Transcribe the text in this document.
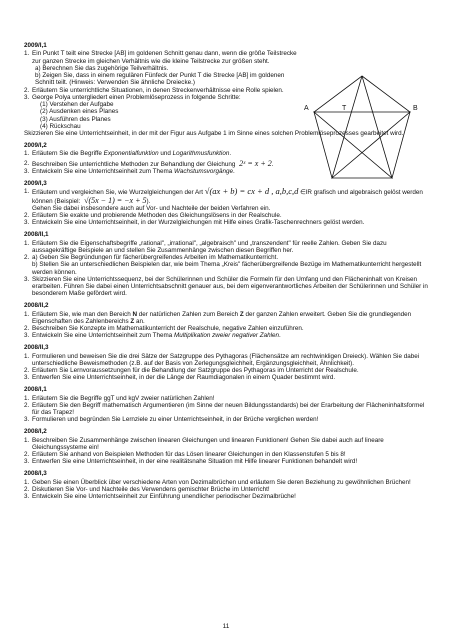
A	T	B
2009/I,1
1. Ein Punkt T teilt eine Strecke [AB] im goldenen Schnitt genau dann, wenn die größe Teilstrecke zur ganzen Strecke im gleichen Verhältnis wie die kleine Teilstrecke zur größen steht.
a) Berechnen Sie das zugehörige Teilverhältnis.
b) Zeigen Sie, dass in einem regulären Fünfeck der Punkt T die Strecke [AB] im goldenen Schnitt teilt. (Hinweis: Verwenden Sie ähnliche Dreiecke.)
2. Erläutern Sie unterrichtliche Situationen, in denen Streckenverhältnisse eine Rolle spielen.
3. George Polya untergliedert einen Problemlöseprozess in folgende Schritte:
(1) Verstehen der Aufgabe
(2) Ausdenken eines Planes
(3) Ausführen des Planes
(4) Rückschau
Skizzieren Sie eine Unterrichtseinheit, in der mit der Figur aus Aufgabe 1 im Sinne eines solchen Problemlöseprozesses gearbeitet wird.
2009/I,2
1. Erläutern Sie die Begriffe Exponentialfunktion und Logarithmusfunktion.
2. Beschreiben Sie unterrichtliche Methoden zur Behandlung der Gleichung 2ˣ = x + 2.
3. Entwickeln Sie eine Unterrichtseinheit zum Thema Wachstumsvorgänge.
2009/I,3
1. Erläutern und vergleichen Sie, wie Wurzelgleichungen der Art √(ax + b) = cx + d , a,b,c,d ∈IR grafisch und algebraisch gelöst werden können (Beispiel: √(5x − 1) = −x + 5).
Gehen Sie dabei insbesondere auch auf Vor- und Nachteile der beiden Verfahren ein.
2. Erläutern Sie exakte und probierende Methoden des Gleichungslösens in der Realschule.
3. Entwickeln Sie eine Unterrichtseinheit, in der Wurzelgleichungen mit Hilfe eines Grafik-Taschenrechners gelöst werden.
2008/II,1
1. Erläutern Sie die Eigenschaftsbegriffe „rational", „irrational", „algebraisch" und „transzendent" für reelle Zahlen. Geben Sie dazu aussagekräftige Beispiele an und stellen Sie Zusammenhänge zwischen diesen Begriffen her.
2. a) Geben Sie Begründungen für fächerübergreifendes Arbeiten im Mathematikunterricht.
b) Stellen Sie an unterschiedlichen Beispielen dar, wie beim Thema „Kreis" fächerübergreifende Bezüge im Mathematikunterricht hergestellt werden können.
3. Skizzieren Sie eine Unterrichtssequenz, bei der Schülerinnen und Schüler die Formeln für den Umfang und den Flächeninhalt von Kreisen erarbeiten. Führen Sie dabei einen Unterrichtsabschnitt genauer aus, bei dem eigenverantwortliches Arbeiten der Schülerinnen und Schüler in besonderem Maße gefördert wird.
2008/II,2
1. Erläutern Sie, wie man den Bereich N der natürlichen Zahlen zum Bereich Z der ganzen Zahlen erweitert. Geben Sie die grundlegenden Eigenschaften des Zahlenbereichs Z an.
2. Beschreiben Sie Konzepte im Mathematikunterricht der Realschule, negative Zahlen einzuführen.
3. Entwickeln Sie eine Unterrichtseinheit zum Thema Multiplikation zweier negativer Zahlen.
2008/II,3
1. Formulieren und beweisen Sie die drei Sätze der Satzgruppe des Pythagoras (Flächensätze am rechtwinkligen Dreieck). Wählen Sie dabei unterschiedliche Beweismethoden (z.B. auf der Basis von Zerlegungsgleichheit, Ergänzungsgleichheit, Ähnlichkeit).
2. Erläutern Sie Lernvoraussetzungen für die Behandlung der Satzgruppe des Pythagoras im Unterricht der Realschule.
3. Entwerfen Sie eine Unterrichtseinheit, in der die Länge der Raumdiagonalen in einem Quader bestimmt wird.
2008/I,1
1. Erläutern Sie die Begriffe ggT und kgV zweier natürlichen Zahlen!
2. Erläutern Sie den Begriff mathematisch Argumentieren (im Sinne der neuen Bildungsstandards) bei der Erarbeitung der Flächeninhaltsformel für das Trapez!
3. Formulieren und begründen Sie Lernziele zu einer Unterrichtseinheit, in der Brüche verglichen werden!
2008/I,2
1. Beschreiben Sie Zusammenhänge zwischen linearen Gleichungen und linearen Funktionen! Gehen Sie dabei auch auf lineare Gleichungssysteme ein!
2. Erläutern Sie anhand von Beispielen Methoden für das Lösen linearer Gleichungen in den Klassenstufen 5 bis 8!
3. Entwerfen Sie eine Unterrichtseinheit, in der eine realitätsnahe Situation mit Hilfe linearer Funktionen behandelt wird!
2008/I,3
1. Geben Sie einen Überblick über verschiedene Arten von Dezimalbrüchen und erläutern Sie deren Beziehung zu gewöhnlichen Brüchen!
2. Diskutieren Sie Vor- und Nachteile des Verwendens gemischter Brüche im Unterricht!
3. Entwickeln Sie eine Unterrichtseinheit zur Einführung unendlicher periodischer Dezimalbrüche!
11
